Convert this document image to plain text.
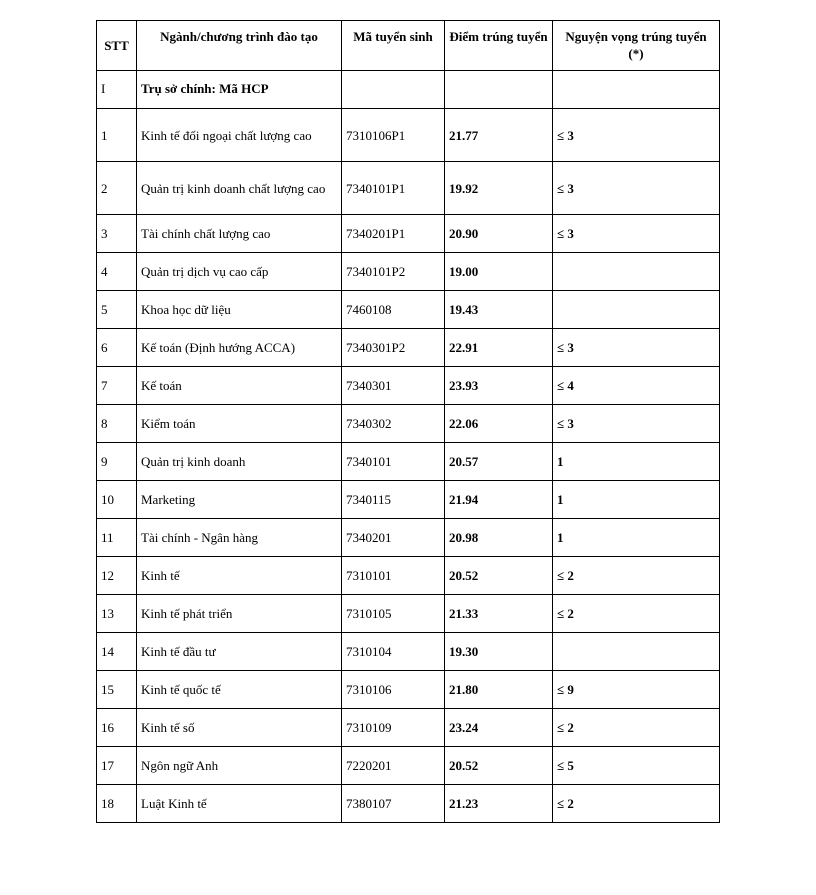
STT	Ngành/chương trình đào tạo	Mã tuyển sinh	Điểm trúng tuyển	Nguyện vọng trúng tuyển (*)
I	Trụ sở chính: Mã HCP			
1	Kinh tế đối ngoại chất lượng cao	7310106P1	21.77	≤ 3
2	Quản trị kinh doanh chất lượng cao	7340101P1	19.92	≤ 3
3	Tài chính chất lượng cao	7340201P1	20.90	≤ 3
4	Quản trị dịch vụ cao cấp	7340101P2	19.00	
5	Khoa học dữ liệu	7460108	19.43	
6	Kế toán (Định hướng ACCA)	7340301P2	22.91	≤ 3
7	Kế toán	7340301	23.93	≤ 4
8	Kiểm toán	7340302	22.06	≤ 3
9	Quản trị kinh doanh	7340101	20.57	1
10	Marketing	7340115	21.94	1
11	Tài chính - Ngân hàng	7340201	20.98	1
12	Kinh tế	7310101	20.52	≤ 2
13	Kinh tế phát triển	7310105	21.33	≤ 2
14	Kinh tế đầu tư	7310104	19.30	
15	Kinh tế quốc tế	7310106	21.80	≤ 9
16	Kinh tế số	7310109	23.24	≤ 2
17	Ngôn ngữ Anh	7220201	20.52	≤ 5
18	Luật Kinh tế	7380107	21.23	≤ 2
